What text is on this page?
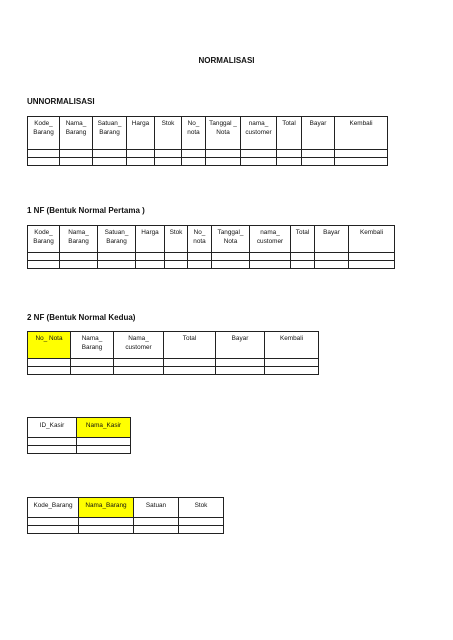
NORMALISASI
UNNORMALISASI
Kode_ Barang	Nama_ Barang	Satuan_ Barang	Harga	Stok	No_ nota	Tanggal _ Nota	nama_ customer	Total	Bayar	Kembali

1 NF (Bentuk Normal Pertama )
Kode_ Barang	Nama_ Barang	Satuan_ Barang	Harga	Stok	No_ nota	Tanggal_ Nota	nama_ customer	Total	Bayar	Kembali

2 NF (Bentuk Normal Kedua)
No_ Nota	Nama_ Barang	Nama_ customer	Total	Bayar	Kembali

ID_Kasir	Nama_Kasir

Kode_Barang	Nama_Barang	Satuan	Stok
